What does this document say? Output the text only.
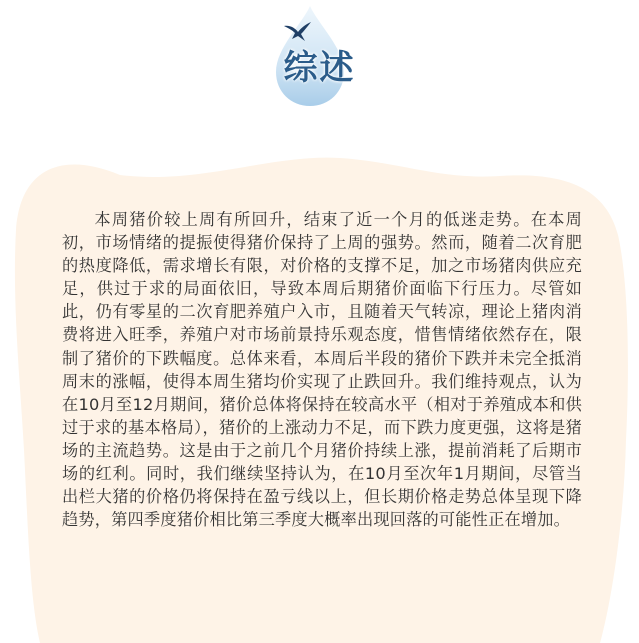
综述

本周猪价较上周有所回升，结束了近一个月的低迷走势。在本周初，市场情绪的提振使得猪价保持了上周的强势。然而，随着二次育肥的热度降低，需求增长有限，对价格的支撑不足，加之市场猪肉供应充足，供过于求的局面依旧，导致本周后期猪价面临下行压力。尽管如此，仍有零星的二次育肥养殖户入市，且随着天气转凉，理论上猪肉消费将进入旺季，养殖户对市场前景持乐观态度，惜售情绪依然存在，限制了猪价的下跌幅度。总体来看，本周后半段的猪价下跌并未完全抵消周末的涨幅，使得本周生猪均价实现了止跌回升。我们维持观点，认为在10月至12月期间，猪价总体将保持在较高水平（相对于养殖成本和供过于求的基本格局），猪价的上涨动力不足，而下跌力度更强，这将是猪场的主流趋势。这是由于之前几个月猪价持续上涨，提前消耗了后期市场的红利。同时，我们继续坚持认为，在10月至次年1月期间，尽管当出栏大猪的价格仍将保持在盈亏线以上，但长期价格走势总体呈现下降趋势，第四季度猪价相比第三季度大概率出现回落的可能性正在增加。
